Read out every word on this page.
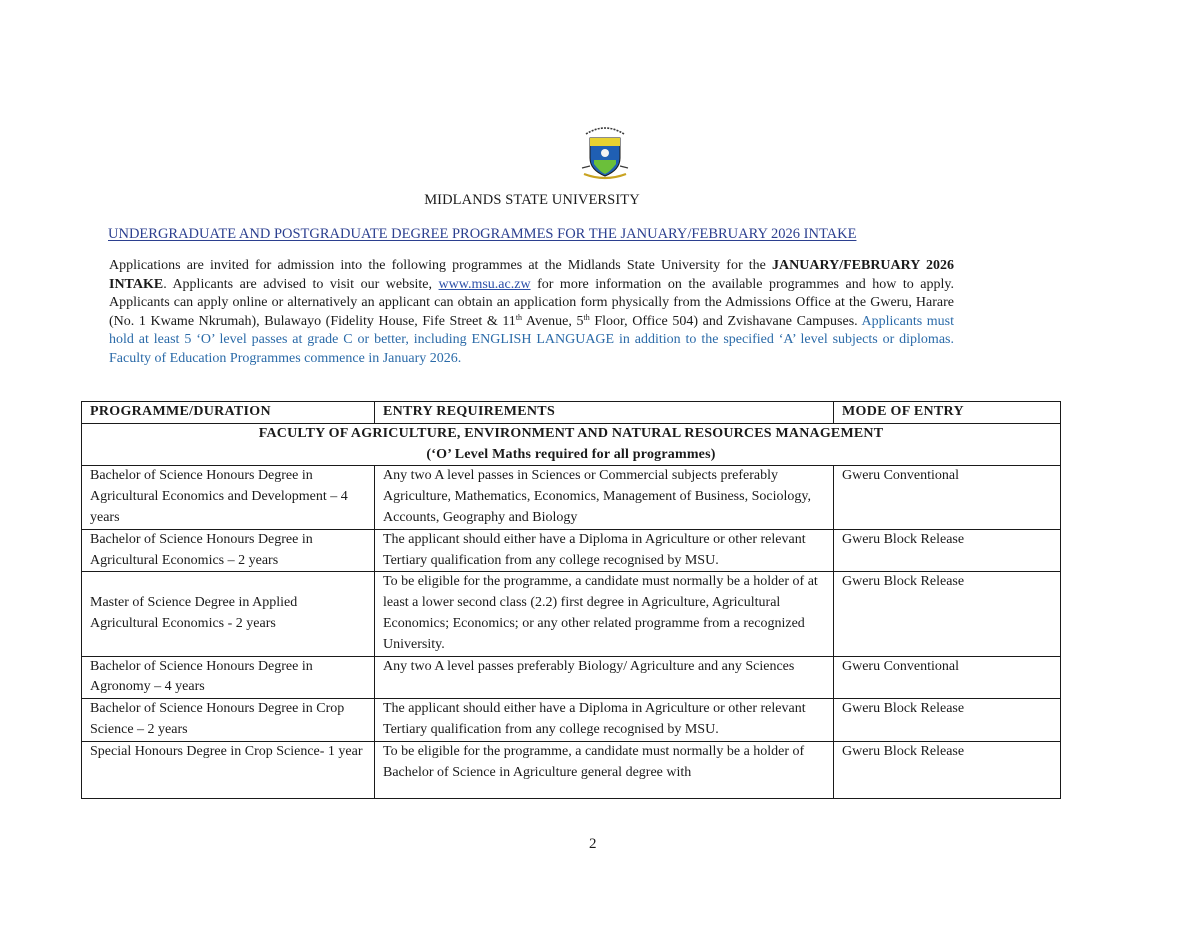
MIDLANDS STATE UNIVERSITY
UNDERGRADUATE AND POSTGRADUATE DEGREE PROGRAMMES FOR THE JANUARY/FEBRUARY 2026 INTAKE
Applications are invited for admission into the following programmes at the Midlands State University for the JANUARY/FEBRUARY 2026 INTAKE. Applicants are advised to visit our website, www.msu.ac.zw for more information on the available programmes and how to apply. Applicants can apply online or alternatively an applicant can obtain an application form physically from the Admissions Office at the Gweru, Harare (No. 1 Kwame Nkrumah), Bulawayo (Fidelity House, Fife Street & 11th Avenue, 5th Floor, Office 504) and Zvishavane Campuses. Applicants must hold at least 5 ‘O’ level passes at grade C or better, including ENGLISH LANGUAGE in addition to the specified ‘A’ level subjects or diplomas. Faculty of Education Programmes commence in January 2026.
PROGRAMME/DURATION	ENTRY REQUIREMENTS	MODE OF ENTRY

FACULTY OF AGRICULTURE, ENVIRONMENT AND NATURAL RESOURCES MANAGEMENT
(‘O’ Level Maths required for all programmes)		

Bachelor of Science Honours Degree in Agricultural Economics and Development – 4 years	Any two A level passes in Sciences or Commercial subjects preferably Agriculture, Mathematics, Economics, Management of Business, Sociology, Accounts, Geography and Biology	Gweru Conventional
Bachelor of Science Honours Degree in Agricultural Economics – 2 years	The applicant should either have a Diploma in Agriculture or other relevant Tertiary qualification from any college recognised by MSU.	Gweru Block Release
Master of Science Degree in Applied Agricultural Economics - 2 years	To be eligible for the programme, a candidate must normally be a holder of at least a lower second class (2.2) first degree in Agriculture, Agricultural Economics; Economics; or any other related programme from a recognized University.	Gweru Block Release
Bachelor of Science Honours Degree in Agronomy – 4 years	Any two A level passes preferably Biology/ Agriculture and any Sciences	Gweru Conventional
Bachelor of Science Honours Degree in Crop Science – 2 years	The applicant should either have a Diploma in Agriculture or other relevant Tertiary qualification from any college recognised by MSU.	Gweru Block Release
Special Honours Degree in Crop Science- 1 year	To be eligible for the programme, a candidate must normally be a holder of Bachelor of Science in Agriculture general degree with	Gweru Block Release
2
